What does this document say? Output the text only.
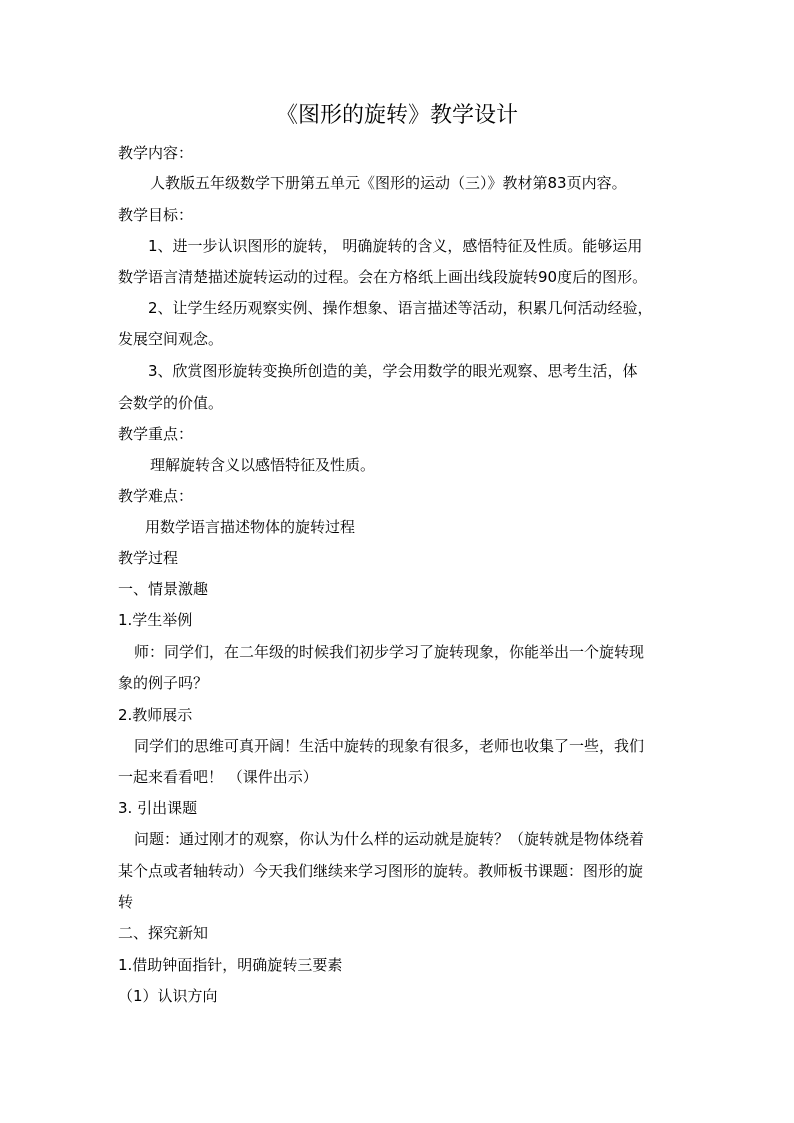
《图形的旋转》教学设计
教学内容：
人教版五年级数学下册第五单元《图形的运动（三）》教材第83页内容。
教学目标：
1、进一步认识图形的旋转， 明确旋转的含义，感悟特征及性质。能够运用
数学语言清楚描述旋转运动的过程。会在方格纸上画出线段旋转90度后的图形。
2、让学生经历观察实例、操作想象、语言描述等活动，积累几何活动经验，
发展空间观念。
3、欣赏图形旋转变换所创造的美，学会用数学的眼光观察、思考生活，体
会数学的价值。
教学重点：
理解旋转含义以感悟特征及性质。
教学难点：
用数学语言描述物体的旋转过程
教学过程
一、情景激趣
1.学生举例
师：同学们，在二年级的时候我们初步学习了旋转现象，你能举出一个旋转现
象的例子吗？
2.教师展示
同学们的思维可真开阔！生活中旋转的现象有很多，老师也收集了一些，我们
一起来看看吧！ （课件出示）
3. 引出课题
问题：通过刚才的观察，你认为什么样的运动就是旋转？（旋转就是物体绕着
某个点或者轴转动）今天我们继续来学习图形的旋转。教师板书课题：图形的旋
转
二、探究新知
1.借助钟面指针，明确旋转三要素
（1）认识方向
